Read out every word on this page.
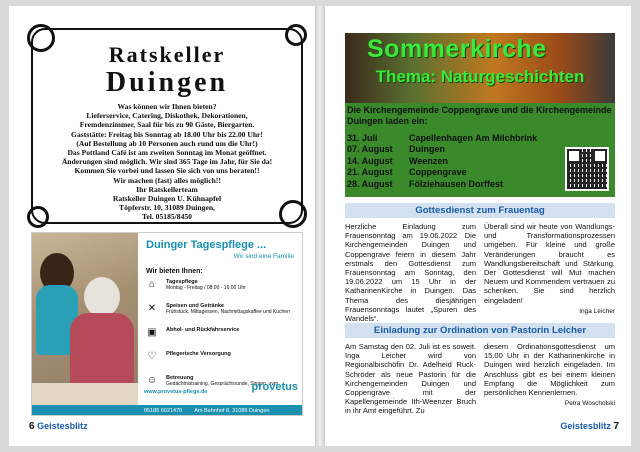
Ratskeller
Duingen
Was können wir Ihnen bieten?
Lieferservice, Catering, Diskothek, Dekorationen,
Fremdenzimmer, Saal für bis zu 90 Gäste, Biergarten.
Gaststätte: Freitag bis Sonntag ab 18.00 Uhr bis 22.00 Uhr!
(Auf Bestellung ab 10 Personen auch rund um die Uhr!)
Das Pottland Café ist am zweiten Sonntag im Monat geöffnet.
Änderungen sind möglich. Wir sind 365 Tage im Jahr, für Sie da!
Kommen Sie vorbei und lassen Sie sich von uns beraten!!
Wir machen (fast) alles möglich!!
Ihr Ratskellerteam
Ratskeller Duingen U. Kühnapfel
Töpferstr. 10, 31089 Duingen,
Tel. 05185/8450
Duinger Tagespflege ...
Wir sind eine Familie
Wir bieten Ihnen:
⌂	Tagespflege
Montag - Freitag / 08:00 - 16:00 Uhr
✕	Speisen und Getränke
Frühstück, Mittagessen, Nachmittagskaffee und Kuchen
▣ Abhol- und Rückfahrservice
♡ Pflegerische Versorgung
☺ Betreuung
Gedächtnistraining, Gesprächsrunde, Singen, uvm.
www.provetus-pflege.de	provetus
05185 6021470 Am Bohnhof 8, 31089 Duingen
6 Geistesblitz
Sommerkirche
Thema: Naturgeschichten
Die Kirchengemeinde Coppengrave und die Kirchengemeinde Duingen laden ein:
31. Juli	Capellenhagen Am Milchbrink
07. August	Duingen
14. August	Weenzen
21. August	Coppengrave
28. August	Fölziehausen Dorffest
Gottesdienst zum Frauentag
Herzliche Einladung zum Frauensonntag am 19.06.2022 Die Kirchengemeinden Duingen und Coppengrave feiern in diesem Jahr erstmals den Gottesdienst zum Frauensonntag am Sonntag, den 19.06.2022 um 15 Uhr in der KatharinenKirche in Duingen. Das Thema des diesjährigen Frauensonntags lautet „Spuren des Wandels“.
Überall sind wir heute von Wandlungs- und Transformationsprozessen umgeben. Für kleine und große Veränderungen braucht es Wandlungsbereitschaft und Stärkung. Der Gottesdienst will Mut machen Neuem und Kommendem vertrauen zu schenken. Sie sind herzlich eingeladen!
Inga Leicher
Einladung zur Ordination von Pastorin Leicher
Am Samstag den 02. Juli ist es soweit. Inga Leicher wird von Regionalbischöfin Dr. Adelheid Ruck-Schröder als neue Pastorin für die Kirchengemeinden Duingen und Coppengrave mit der Kapellengemeinde Ith-Weenzer Bruch in ihr Amt eingeführt. Zu
diesem Ordinationsgottesdienst um 15.00 Uhr in der Katharinenkirche in Duingen wird herzlich eingeladen. Im Anschluss gibt es bei einem kleinen Empfang die Möglichkeit zum persönlichen Kennenlernen.
Petra Woscholski
Geistesblitz 7
